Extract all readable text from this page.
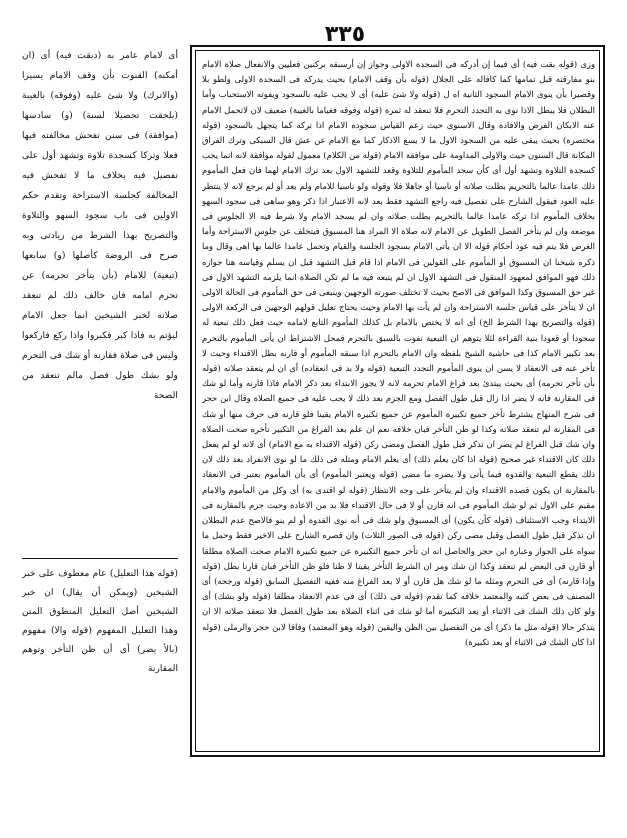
٣٣٥
وزى (قوله بقت فيه) أى فيما إن أدركه فى السجدة الاولى وجواز إن أرسبقه بركنين فعليين والانفعال صلاة الامام بنو مفارقته قبل تمامها كما كافاله على الجلال (قوله بأن وقف الامام) بحيث يدركه فى السجدة الاولى ولطو بلا وقصيرا بأن ينوى الامام السجود الثانية اه ل (قوله ولا شئ عليه) أى لا يجب عليه بالسجود ويفوته الاستحباب وأما البطلان فلا يبطل الاذا نوى به التجدد التحرم فلا تنعقد له ثمرة (قوله وفوقه فغياما بالغيبة) ضعيف لان لاتحمل الامام عنه الابكان الفرض والافادة وقال الاسنوى حيث زعم القياس سجوده الامام اذا تركه كما يتجهل بالسجود (قوله مختصرة) بحيث يبقى عليه من السجود الاول ما لا يسع الاذكار كما مع الامام عن عش قال السبكى وترك الفراق المكانة قال السنون حيث والاولى المداومة على موافقة الامام (قوله من الكلام) معمول لقوله موافقة لانه انما يجب كسجدة التلاوة وتشهد أول أى كأن سجد المأموم للتلاوة وقعد للتشهد الاول بعد ترك الامام لهما فان فعل المأموم ذلك عامدا عالما بالتحريم بطلت صلاته أو ناسيا أو جاهلا فلا وقوله ولو ناسيا للامام ولم يعد أو لم يرجع لانه لا ينتظر عليه العود فيقول الشارح على تفصيل فيه راجع التشهد فقط بعد لانه الاعتبار اذا ذكر وهو ساهى فى سجود السهو بخلاف المأموم اذا تركه عامدا عالما بالتحريم بطلت صلاته وان لم يسجد الامام ولا شرط فيه الا الجلوس فى موضعه وان لم يتأخر الفصل الطويل عن الامام لانه صلاة الا المراد هنا المسبوق فيتخلف عن جلوس الاستراحة وأما الغرض فلا يتم فيه عود أحكام قوله الا ان يأتى الامام بسجود الجلسة والقيام وتحمل عامدا عالما بها اهى وقال وما ذكره شيخنا ان المسبوق أو المأموم على القولين فى الامام اذا قام قبل التشهد قبل ان يسلم وقياسه هنا جوازه ذلك فهو الموافق لمعهود المنقول فى التشهد الاول ان لم يتبعه فيه ما لم تكن الصلاة انما يلزمه التشهد الاول فى غير حق المسبوق وكذا الموافق فى الاصح بحيث لا تختلف صورته الوجهين وينبغى فى حق المأموم فى الحالة الاولى ان لا يتأخر على قياس جلسة الاستراحة وان لم يأت بها الامام وحيث يحتاج تعليل قولهم الوجهين فى الركعة الاولى (قوله والتصريح بهذا الشرط الخ) أى انه لا يختص بالامام بل كذلك المأموم التابع لامامه حيث فعل ذلك تبعية له سجودا أو قعودا بنية القراءة لئلا يتوهم ان التبعية تفوت بالسبق بالتحرم فمحل الاشتراط ان يأتى المأموم بالتحرم بعد تكبير الامام كذا فى حاشية الشيخ بلفظه وان الامام بالتحرم اذا سبقه المأموم أو قارنه بطل الاقتداء وحيث لا تأخر عنه فى الانعقاد لا يسن ان ينوى المأموم التجدد التبعية (قوله ولا بد فى انعقاده) أى ان لم ينعقد صلاته (قوله بأن تأخر تحرمه) أى بحيث يبتدئ بعد فراغ الامام تحرمه لانه لا يجوز الابتداء بعد ذكر الامام فاذا قارنه وأما لو شك فى المقارنة فانه لا يضر اذا زال قبل طول الفصل ومع الجزم بعد ذلك لا يجب عليه فى جميع الصلاة وقال ابن حجر فى شرح المنهاج يشترط تأخر جميع تكبيرة المأموم عن جميع تكبيرة الامام يقينا فلو قارنه فى حرف منها أو شك فى المقارنة لم تنعقد صلاته وكذا لو ظن التأخر فبان خلافه نعم ان علم بعد الفراغ من التكبير تأخره صحت الصلاة وان شك قبل الفراغ لم يضر ان تذكر قبل طول الفصل ومضى ركن (قوله الاقتداء به مع الامام) أى لانه لو لم يفعل ذلك كان الاقتداء غير صحيح (قوله اذا كان يعلم ذلك) أى يعلم الامام ومثله فى ذلك ما لو نوى الانفراد بعد ذلك لان ذلك يقطع التبعية والقدوة فيما يأتى ولا يضره ما مضى (قوله ويعتبر المأموم) أى بأن المأموم يعتبر فى الانعقاد بالمقارنة ان يكون قصده الاقتداء وان لم يتأخر على وجه الانتظار (قوله لو اقتدى به) أى وكل من المأموم والامام مقيم على الاول ثم لو شك المأموم فى انه قارن أو لا فى حال الاقتداء فلا بد من الاعادة وحيث جزم بالمقارنة فى الابتداء وجب الاستئناف (قوله كأن يكون) أى المسبوق ولو شك فى أنه نوى القدوة أو لم ينو فالاصح عدم البطلان ان تذكر قبل طول الفصل وقبل مضى ركن (قوله فى الصور الثلاث) وان قصره الشارح على الاخير فقط وحمل ما سواه على الجواز وعبارة ابن حجر والحاصل انه ان تأخر جميع التكبيرة عن جميع تكبيرة الامام صحت الصلاة مطلقا أو قارن فى البعض لم تنعقد وكذا ان شك ومر ان الشرط التأخر يقينا لا ظنا فلو ظن التأخر فبان قارنا بطل (قوله وإذا قارنه) أى فى التحرم ومثله ما لو شك هل قارن أو لا بعد الفراغ منه ففيه التفصيل السابق (قوله ورجحه) أى المصنف فى بعض كتبه والمعتمد خلافه كما تقدم (قوله فى ذلك) أى فى عدم الانعقاد مطلقا (قوله ولو بشك) أى ولو كان ذلك الشك فى الاثناء أو بعد التكبيرة أما لو شك فى اثناء الصلاة بعد طول الفصل فلا تنعقد صلاته الا ان يتذكر حالا (قوله مثل ما ذكر) أى من التفصيل بين الظن واليقين (قوله وهو المعتمد) وفاقا لابن حجر والرملى (قوله اذا كان الشك فى الاثناء أو بعد تكبيرة)
أى لامام عامر به (دبقت فيه) أى (ان أمكنه) القنوت بأن وقف الامام يسيرا (والاترك) ولا شئ عليه (وفوقه) بالغيبة (بلحقت تحصيلا لسنة) (و) سادسها (موافقة) فى سنن تفحش مخالفته فيها فعلا وتركا كسجدة تلاوة وتشهد أول على تفصيل فيه بخلاف ما لا تفحش فيه المخالفة كجلسة الاستراحة وتقدم حكم الاولين فى باب سجود السهو والتلاوة والتصريح بهذا الشرط من زيادتى وبه صرح فى الروضة كأصلها (و) سابعها (تبعية) للامام (بأن يتأخر تحرمه) عن تحرم امامه فان خالف ذلك لم تنعقد صلاته لخبر الشيخين انما جعل الامام ليؤتم به فاذا كبر فكبروا واذا ركع فاركعوا وليس فى صلاة فقارنه أو شك فى التحرم ولو بشك طول فصل مالم تنعقد من الصحة
(قوله هذا التعليل) عام معطوف على خبر الشيخين (ويمكن أن يقال) ان خبر الشيخين أصل التعليل المنطوق المتن وهذا التعليل المفهوم (قوله والا) مفهوم (بالأ يضر) أى أن ظن التأخر وتوهم المقارنة
